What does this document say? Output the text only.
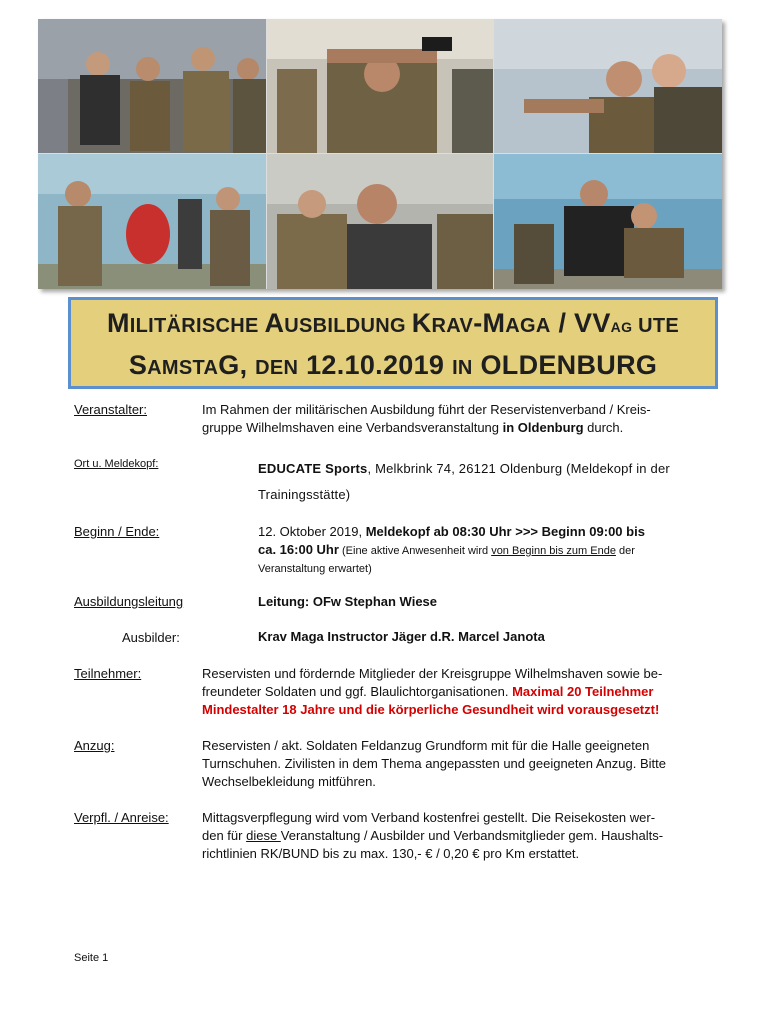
MILITÄRISCHE AUSBILDUNG KRAV-MAGA / VVAG UTE
SAMSTAG, DEN 12.10.2019 IN OLDENBURG
Veranstalter:	Im Rahmen der militärischen Ausbildung führt der Reservistenverband / Kreis-
gruppe Wilhelmshaven eine Verbandsveranstaltung in Oldenburg durch.
Ort u. Meldekopf:	EDUCATE Sports, Melkbrink 74, 26121 Oldenburg (Meldekopf in der
Trainingsstätte)
Beginn / Ende:	12. Oktober 2019, Meldekopf ab 08:30 Uhr >>> Beginn 09:00 bis
ca. 16:00 Uhr (Eine aktive Anwesenheit wird von Beginn bis zum Ende der
Veranstaltung erwartet)
Ausbildungsleitung	Leitung: OFw Stephan Wiese
Ausbilder:	Krav Maga Instructor Jäger d.R. Marcel Janota
Teilnehmer:	Reservisten und fördernde Mitglieder der Kreisgruppe Wilhelmshaven sowie be-
freundeter Soldaten und ggf. Blaulichtorganisationen. Maximal 20 Teilnehmer
Mindestalter 18 Jahre und die körperliche Gesundheit wird vorausgesetzt!
Anzug:	Reservisten / akt. Soldaten Feldanzug Grundform mit für die Halle geeigneten
Turnschuhen. Zivilisten in dem Thema angepassten und geeigneten Anzug. Bitte
Wechselbekleidung mitführen.
Verpfl. / Anreise:	Mittagsverpflegung wird vom Verband kostenfrei gestellt. Die Reisekosten wer-
den für diese Veranstaltung / Ausbilder und Verbandsmitglieder gem. Haushalts-
richtlinien RK/BUND bis zu max. 130,- € / 0,20 € pro Km erstattet.
Seite 1
